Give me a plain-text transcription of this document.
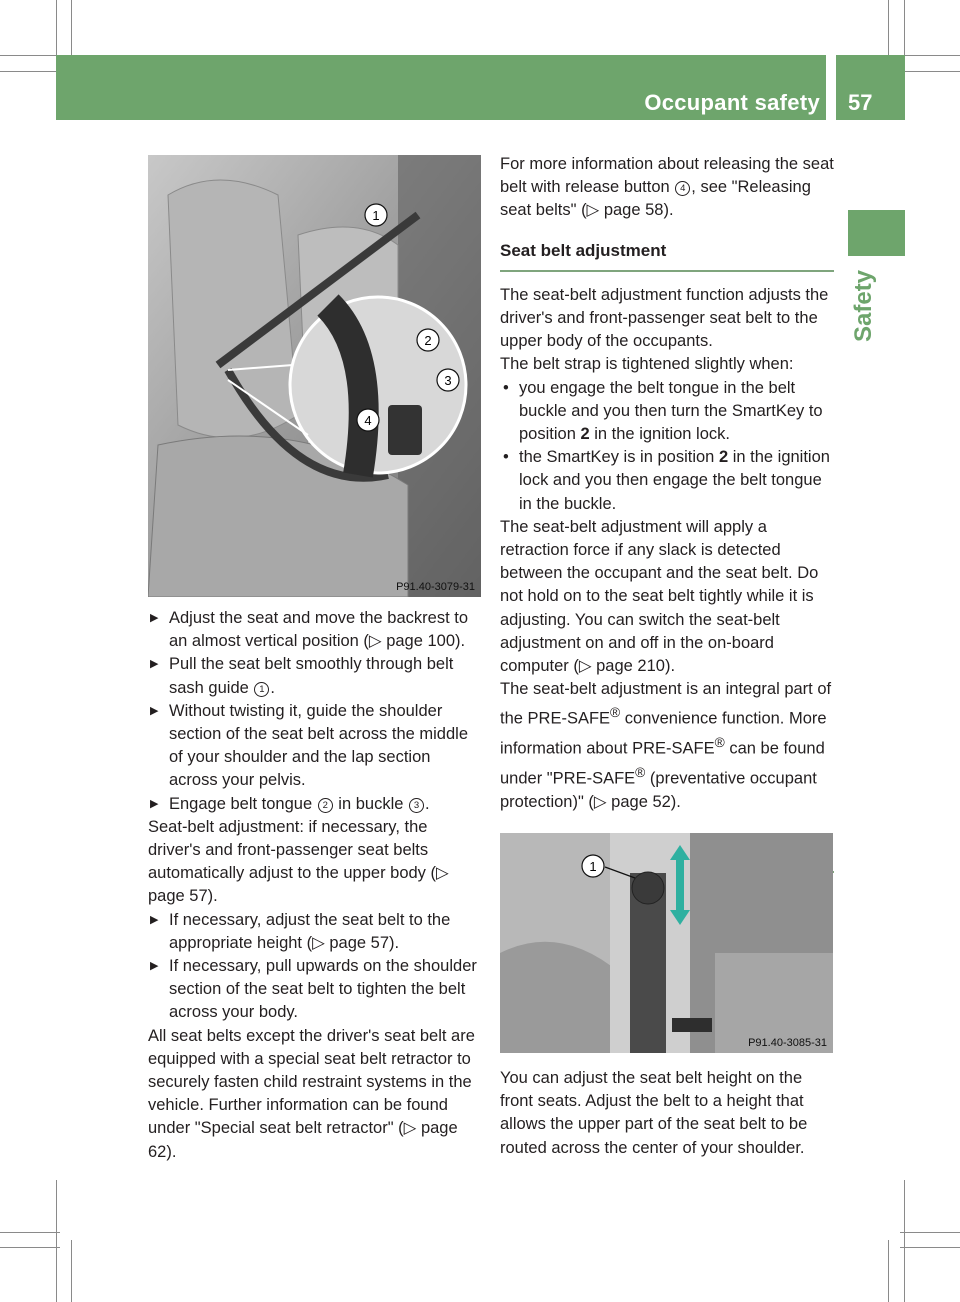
Occupant safety 57
Safety
1
2
3
4
P91.40-3079-31

▶ Adjust the seat and move the backrest to an almost vertical position (▷ page 100).

▶ Pull the seat belt smoothly through belt sash guide 1 .

▶ Without twisting it, guide the shoulder section of the seat belt across the middle of your shoulder and the lap section across your pelvis.

▶ Engage belt tongue 2 in buckle 3 .

Seat-belt adjustment: if necessary, the driver's and front-passenger seat belts automatically adjust to the upper body (▷ page 57).

▶ If necessary, adjust the seat belt to the appropriate height (▷ page 57).

▶ If necessary, pull upwards on the shoulder section of the seat belt to tighten the belt across your body.

All seat belts except the driver's seat belt are equipped with a special seat belt retractor to securely fasten child restraint systems in the vehicle. Further information can be found under "Special seat belt retractor" (▷ page 62).

For more information about releasing the seat belt with release button 4 , see "Releasing seat belts" (▷ page 58).

Seat belt adjustment

The seat-belt adjustment function adjusts the driver's and front-passenger seat belt to the upper body of the occupants.

The belt strap is tightened slightly when:

• you engage the belt tongue in the belt buckle and you then turn the SmartKey to position 2 in the ignition lock.

• the SmartKey is in position 2 in the ignition lock and you then engage the belt tongue in the buckle.

The seat-belt adjustment will apply a retraction force if any slack is detected between the occupant and the seat belt. Do not hold on to the seat belt tightly while it is adjusting. You can switch the seat-belt adjustment on and off in the on-board computer (▷ page 210).

The seat-belt adjustment is an integral part of the PRE-SAFE® convenience function. More information about PRE-SAFE® can be found under "PRE-SAFE® (preventative occupant protection)" (▷ page 52).

1
P91.40-3085-31

You can adjust the seat belt height on the front seats. Adjust the belt to a height that allows the upper part of the seat belt to be routed across the center of your shoulder.
